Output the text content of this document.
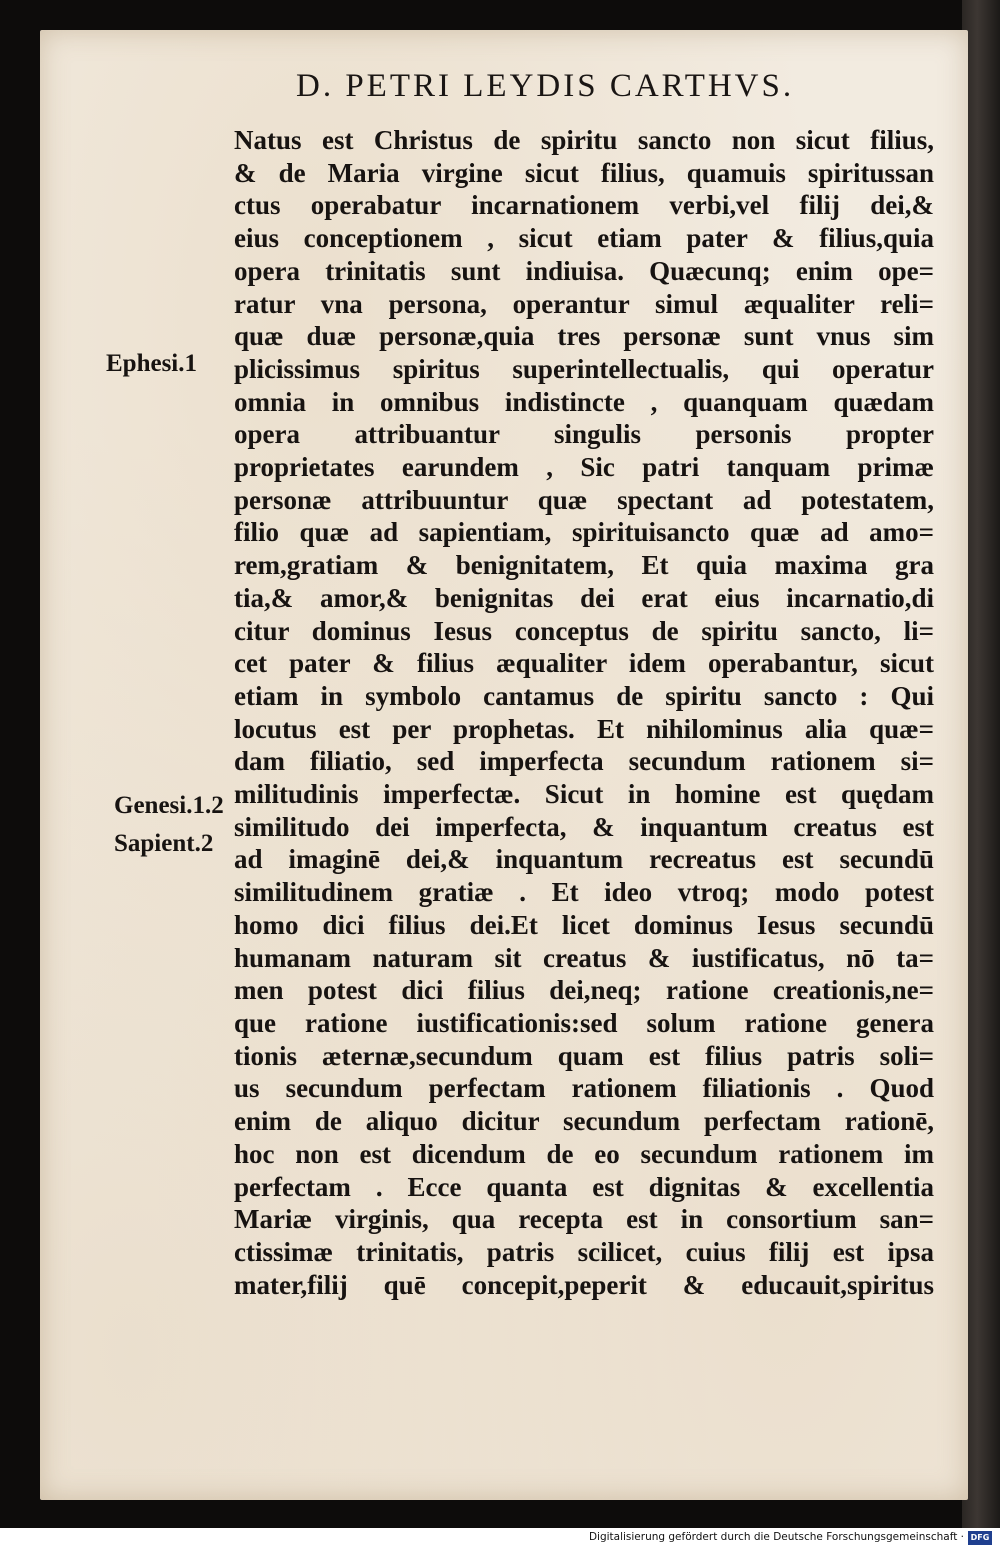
D. PETRI LEYDIS CARTHVS.
Ephesi.1
Genesi.1.2
Sapient.2
Natus est Christus de spiritu sancto non sicut filius,
& de Maria virgine sicut filius, quamuis spiritussan
ctus operabatur incarnationem verbi,vel filij dei,&
eius conceptionem , sicut etiam pater & filius,quia
opera trinitatis sunt indiuisa. Quæcunq; enim ope=
ratur vna persona, operantur simul æqualiter reli=
quæ duæ personæ,quia tres personæ sunt vnus sim
plicissimus spiritus superintellectualis, qui operatur
omnia in omnibus indistincte , quanquam quædam
opera attribuantur singulis personis propter
proprietates earundem , Sic patri tanquam primæ
personæ attribuuntur quæ spectant ad potestatem,
filio quæ ad sapientiam, spirituisancto quæ ad amo=
rem,gratiam & benignitatem, Et quia maxima gra
tia,& amor,& benignitas dei erat eius incarnatio,di
citur dominus Iesus conceptus de spiritu sancto, li=
cet pater & filius æqualiter idem operabantur, sicut
etiam in symbolo cantamus de spiritu sancto : Qui
locutus est per prophetas. Et nihilominus alia quæ=
dam filiatio, sed imperfecta secundum rationem si=
militudinis imperfectæ. Sicut in homine est quędam
similitudo dei imperfecta, & inquantum creatus est
ad imaginē dei,& inquantum recreatus est secundū
similitudinem gratiæ . Et ideo vtroq; modo potest
homo dici filius dei.Et licet dominus Iesus secundū
humanam naturam sit creatus & iustificatus, nō ta=
men potest dici filius dei,neq; ratione creationis,ne=
que ratione iustificationis:sed solum ratione genera
tionis æternæ,secundum quam est filius patris soli=
us secundum perfectam rationem filiationis . Quod
enim de aliquo dicitur secundum perfectam rationē,
hoc non est dicendum de eo secundum rationem im
perfectam . Ecce quanta est dignitas & excellentia
Mariæ virginis, qua recepta est in consortium san=
ctissimæ trinitatis, patris scilicet, cuius filij est ipsa
mater,filij quē concepit,peperit & educauit,spiritus
Digitalisierung gefördert durch die Deutsche Forschungsgemeinschaft · DFG
